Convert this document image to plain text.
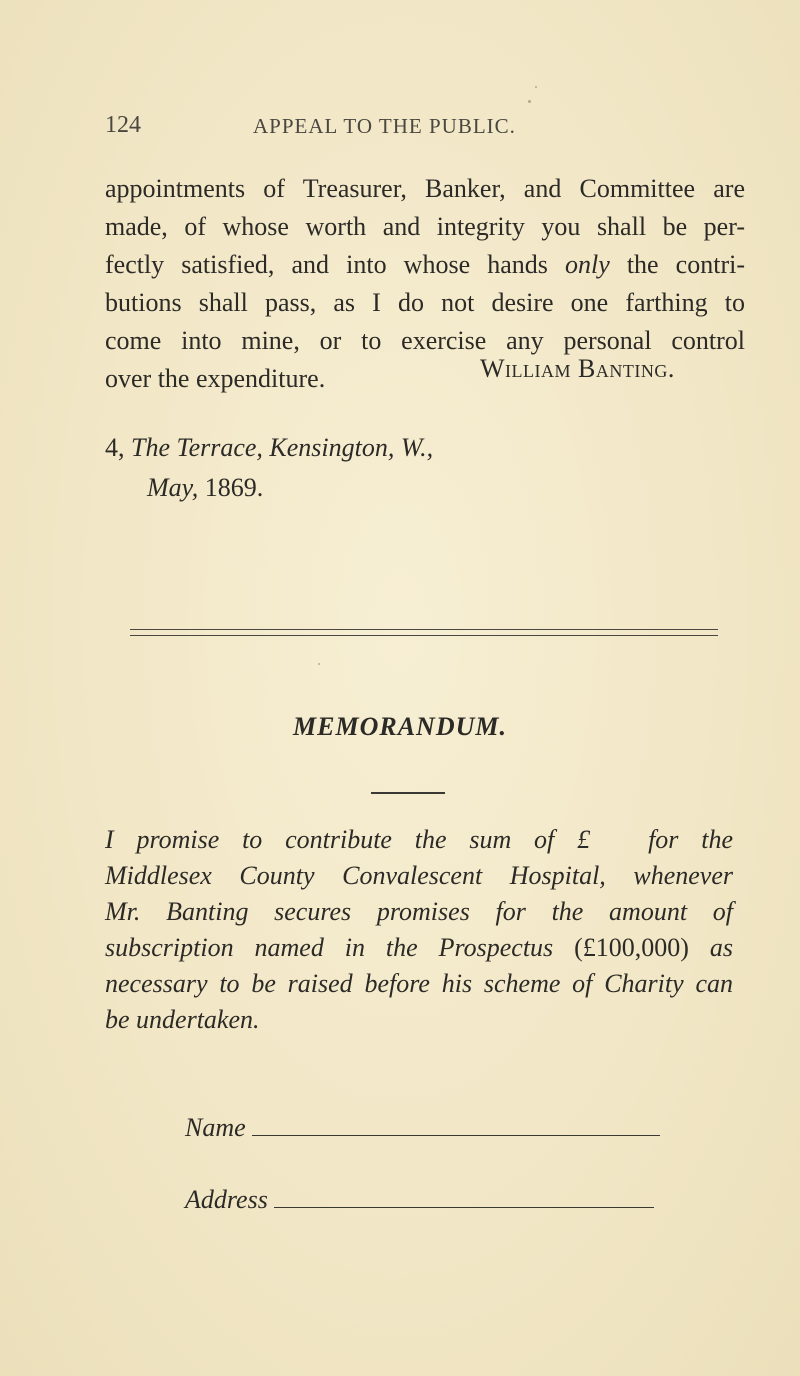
124	APPEAL TO THE PUBLIC.
appointments of Treasurer, Banker, and Committee are
made, of whose worth and integrity you shall be per-
fectly satisfied, and into whose hands only the contri-
butions shall pass, as I do not desire one farthing to
come into mine, or to exercise any personal control
over the expenditure.	William Banting.
4, The Terrace, Kensington, W.,
May, 1869.
MEMORANDUM.
I promise to contribute the sum of £ for the
Middlesex County Convalescent Hospital, whenever
Mr. Banting secures promises for the amount of
subscription named in the Prospectus (£100,000) as
necessary to be raised before his scheme of Charity can
be undertaken.
Name
Address
